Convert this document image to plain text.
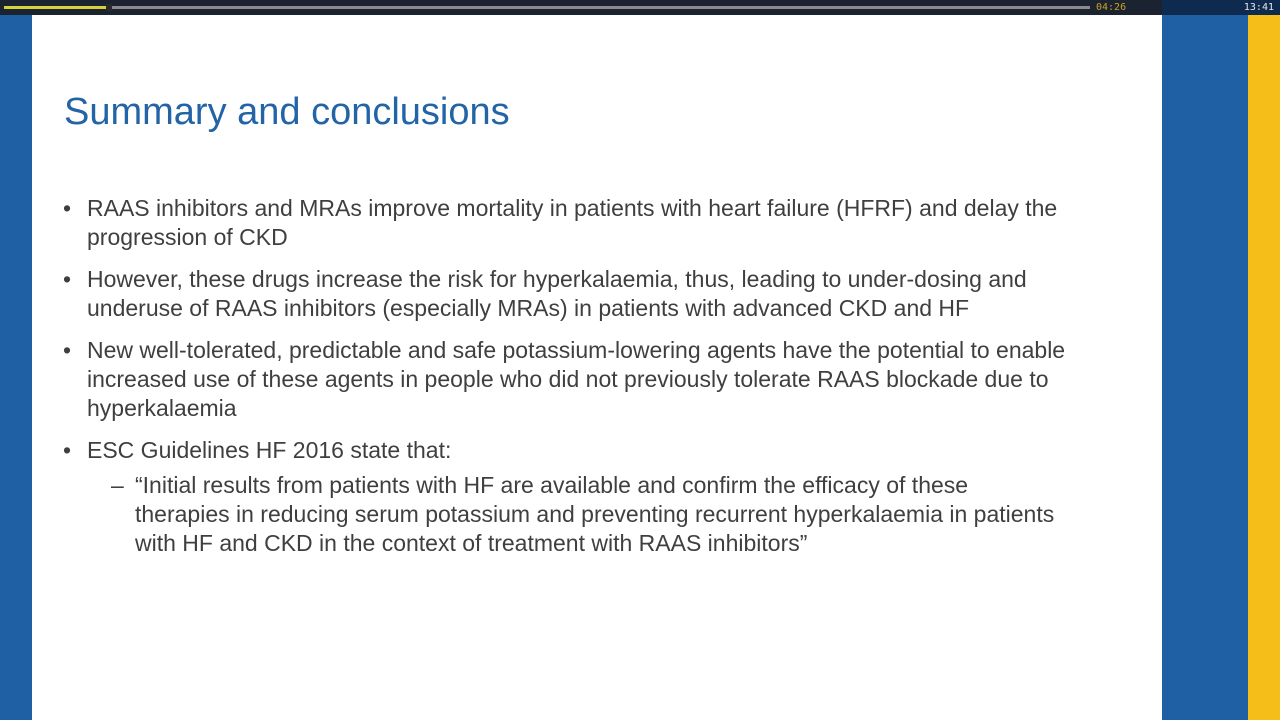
04:26	13:41
Summary and conclusions
• RAAS inhibitors and MRAs improve mortality in patients with heart failure (HFRF) and delay the progression of CKD
• However, these drugs increase the risk for hyperkalaemia, thus, leading to under-dosing and underuse of RAAS inhibitors (especially MRAs) in patients with advanced CKD and HF
• New well-tolerated, predictable and safe potassium-lowering agents have the potential to enable increased use of these agents in people who did not previously tolerate RAAS blockade due to hyperkalaemia
• ESC Guidelines HF 2016 state that:
– “Initial results from patients with HF are available and confirm the efficacy of these therapies in reducing serum potassium and preventing recurrent hyperkalaemia in patients with HF and CKD in the context of treatment with RAAS inhibitors”
